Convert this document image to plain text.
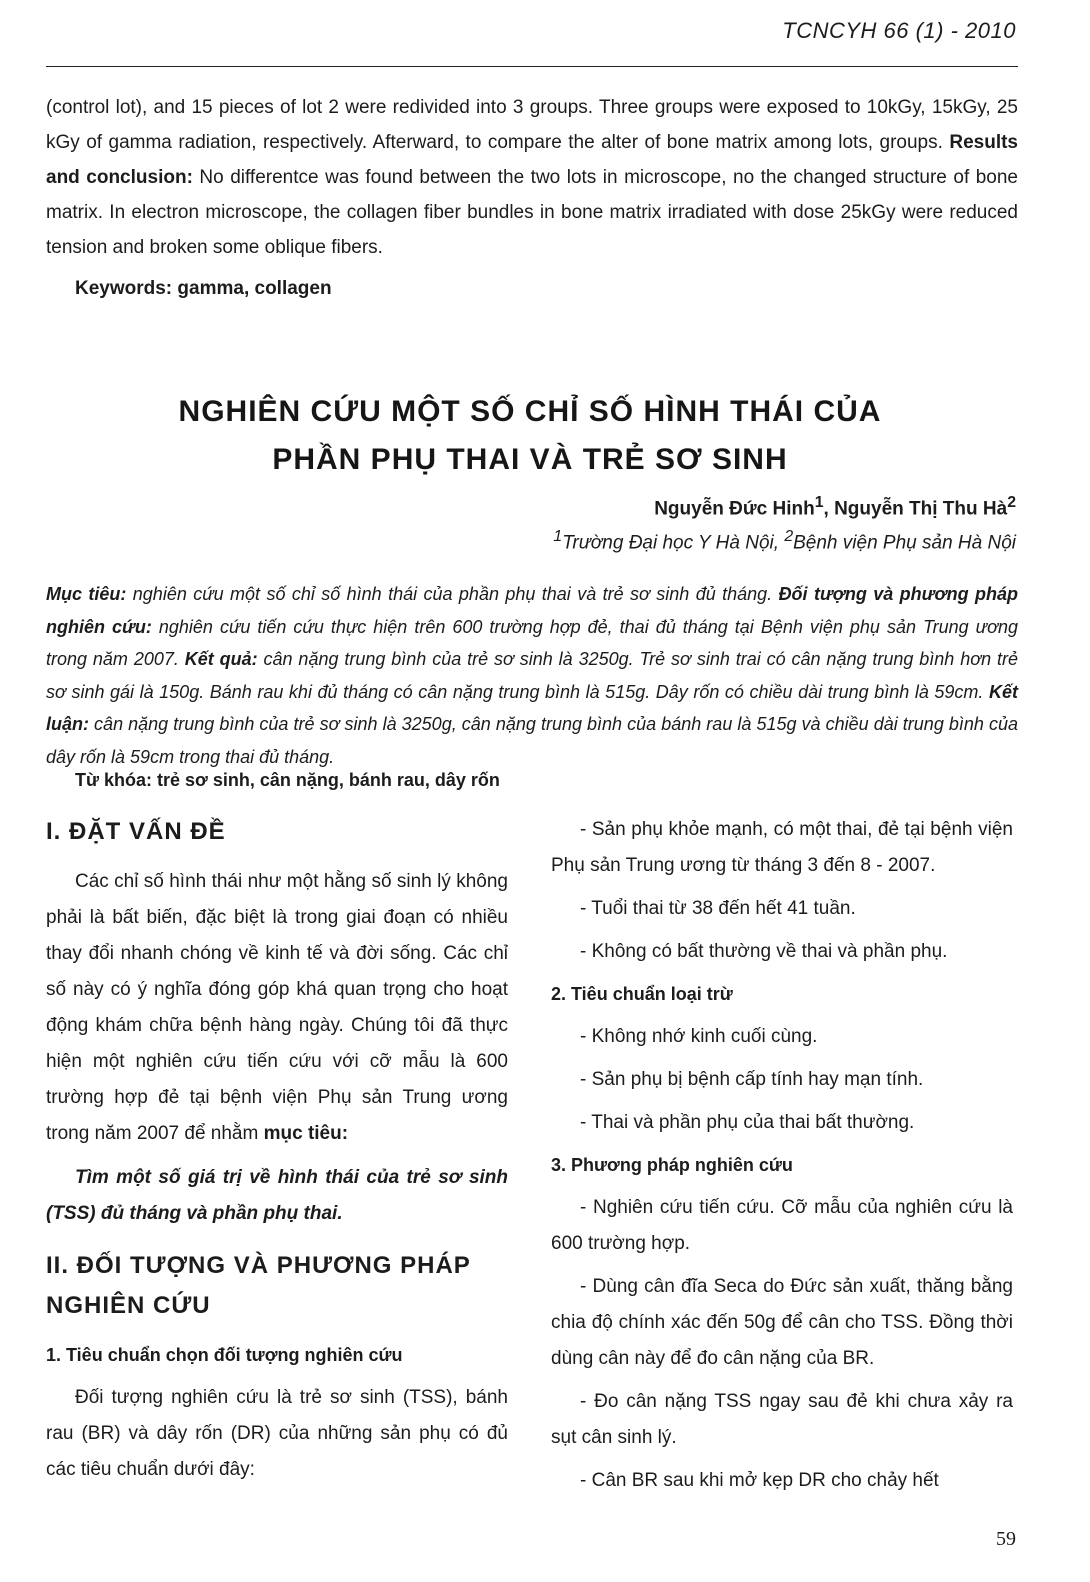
TCNCYH 66 (1) - 2010
(control lot), and 15 pieces of lot 2 were redivided into 3 groups. Three groups were exposed to 10kGy, 15kGy, 25 kGy of gamma radiation, respectively. Afterward, to compare the alter of bone matrix among lots, groups. Results and conclusion: No differentce was found between the two lots in microscope, no the changed structure of bone matrix. In electron microscope, the collagen fiber bundles in bone matrix irradiated with dose 25kGy were reduced tension and broken some oblique fibers.
Keywords: gamma, collagen
NGHIÊN CỨU MỘT SỐ CHỈ SỐ HÌNH THÁI CỦA
PHẦN PHỤ THAI VÀ TRẺ SƠ SINH
Nguyễn Đức Hinh$^1$, Nguyễn Thị Thu $Hà^2$
$^1$Trường Đại học Y Hà Nội, $^2$Bệnh viện Phụ sản Hà Nội
Mục tiêu: nghiên cứu một số chỉ số hình thái của phần phụ thai và trẻ sơ sinh đủ tháng. Đối tượng và phương pháp nghiên cứu: nghiên cứu tiến cứu thực hiện trên 600 trường hợp đẻ, thai đủ tháng tại Bệnh viện phụ sản Trung ương trong năm 2007. Kết quả: cân nặng trung bình của trẻ sơ sinh là 3250g. Trẻ sơ sinh trai có cân nặng trung bình hơn trẻ sơ sinh gái là 150g. Bánh rau khi đủ tháng có cân nặng trung bình là 515g. Dây rốn có chiều dài trung bình là 59cm. Kết luận: cân nặng trung bình của trẻ sơ sinh là 3250g, cân nặng trung bình của bánh rau là 515g và chiều dài trung bình của dây rốn là 59cm trong thai đủ tháng.
Từ khóa: trẻ sơ sinh, cân nặng, bánh rau, dây rốn
I. ĐẶT VẤN ĐỀ

Các chỉ số hình thái như một hằng số sinh lý không phải là bất biến, đặc biệt là trong giai đoạn có nhiều thay đổi nhanh chóng về kinh tế và đời sống. Các chỉ số này có ý nghĩa đóng góp khá quan trọng cho hoạt động khám chữa bệnh hàng ngày. Chúng tôi đã thực hiện một nghiên cứu tiến cứu với cỡ mẫu là 600 trường hợp đẻ tại bệnh viện Phụ sản Trung ương trong năm 2007 để nhằm mục tiêu:

Tìm một số giá trị về hình thái của trẻ sơ sinh (TSS) đủ tháng và phần phụ thai.

II. ĐỐI TƯỢNG VÀ PHƯƠNG PHÁP NGHIÊN CỨU
1. Tiêu chuẩn chọn đối tượng nghiên cứu

Đối tượng nghiên cứu là trẻ sơ sinh (TSS), bánh rau (BR) và dây rốn (DR) của những sản phụ có đủ các tiêu chuẩn dưới đây:

- Sản phụ khỏe mạnh, có một thai, đẻ tại bệnh viện Phụ sản Trung ương từ tháng 3 đến 8 - 2007.

- Tuổi thai từ 38 đến hết 41 tuần.

- Không có bất thường về thai và phần phụ.

2. Tiêu chuẩn loại trừ

- Không nhớ kinh cuối cùng.

- Sản phụ bị bệnh cấp tính hay mạn tính.

- Thai và phần phụ của thai bất thường.

3. Phương pháp nghiên cứu

- Nghiên cứu tiến cứu. Cỡ mẫu của nghiên cứu là 600 trường hợp.

- Dùng cân đĩa Seca do Đức sản xuất, thăng bằng chia độ chính xác đến 50g để cân cho TSS. Đồng thời dùng cân này để đo cân nặng của BR.

- Đo cân nặng TSS ngay sau đẻ khi chưa xảy ra sụt cân sinh lý.

- Cân BR sau khi mở kẹp DR cho chảy hết

59
